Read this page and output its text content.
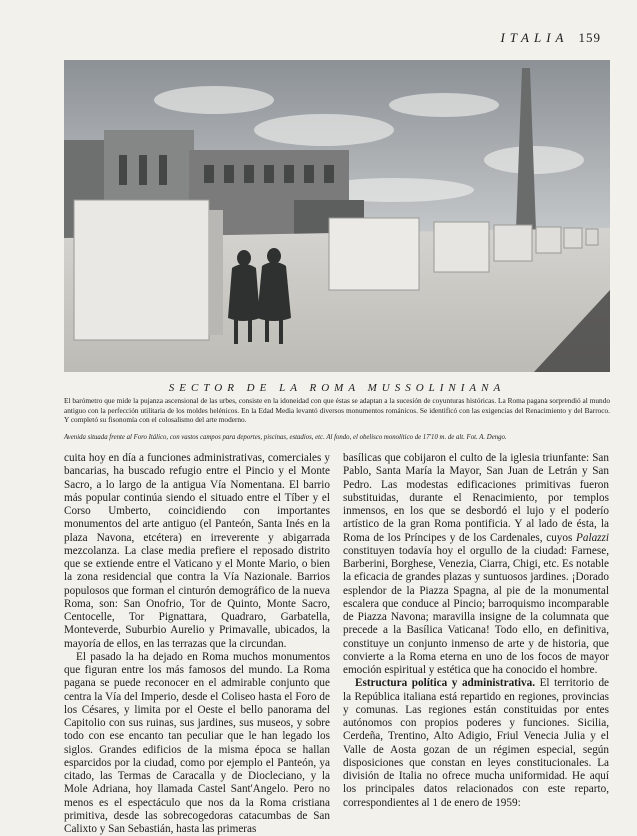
ITALIA 159
SECTOR DE LA ROMA MUSSOLINIANA
El barómetro que mide la pujanza ascensional de las urbes, consiste en la idoneidad con que éstas se adaptan a la sucesión de coyunturas históricas. La Roma pagana sorprendió al mundo antiguo con la perfección utilitaria de los moldes helénicos. En la Edad Media levantó diversos monumentos románicos. Se identificó con las exigencias del Renacimiento y del Barroco. Y completó su fisonomía con el colosalismo del arte moderno.
Avenida situada frente al Foro Itálico, con vastos campos para deportes, piscinas, estadios, etc. Al fondo, el obelisco monolítico de 17'10 m. de alt. Fot. A. Dengo.

cuita hoy en día a funciones administrativas, comerciales y bancarias, ha buscado refugio entre el Pincio y el Monte Sacro, a lo largo de la antigua Vía Nomentana. El barrio más popular continúa siendo el situado entre el Tíber y el Corso Umberto, coincidiendo con importantes monumentos del arte antiguo (el Panteón, Santa Inés en la plaza Navona, etcétera) en irreverente y abigarrada mezcolanza. La clase media prefiere el reposado distrito que se extiende entre el Vaticano y el Monte Mario, o bien la zona residencial que contra la Vía Nazionale. Barrios populosos que forman el cinturón demográfico de la nueva Roma, son: San Onofrio, Tor de Quinto, Monte Sacro, Centocelle, Tor Pignattara, Quadraro, Garbatella, Monteverde, Suburbio Aurelio y Primavalle, ubicados, la mayoría de ellos, en las terrazas que la circundan.

El pasado la ha dejado en Roma muchos monumentos que figuran entre los más famosos del mundo. La Roma pagana se puede reconocer en el admirable conjunto que centra la Vía del Imperio, desde el Coliseo hasta el Foro de los Césares, y limita por el Oeste el bello panorama del Capitolio con sus ruinas, sus jardines, sus museos, y sobre todo con ese encanto tan peculiar que le han legado los siglos. Grandes edificios de la misma época se hallan esparcidos por la ciudad, como por ejemplo el Panteón, ya citado, las Termas de Caracalla y de Diocleciano, y la Mole Adriana, hoy llamada Castel Sant'Angelo. Pero no menos es el espectáculo que nos da la Roma cristiana primitiva, desde las sobrecogedoras catacumbas de San Calixto y San Sebastián, hasta las primeras

basílicas que cobijaron el culto de la iglesia triunfante: San Pablo, Santa María la Mayor, San Juan de Letrán y San Pedro. Las modestas edificaciones primitivas fueron substituidas, durante el Renacimiento, por templos inmensos, en los que se desbordó el lujo y el poderío artístico de la gran Roma pontificia. Y al lado de ésta, la Roma de los Príncipes y de los Cardenales, cuyos Palazzi constituyen todavía hoy el orgullo de la ciudad: Farnese, Barberini, Borghese, Venezia, Ciarra, Chigi, etc. Es notable la eficacia de grandes plazas y suntuosos jardines. ¡Dorado esplendor de la Piazza Spagna, al pie de la monumental escalera que conduce al Pincio; barroquismo incomparable de Piazza Navona; maravilla insigne de la columnata que precede a la Basílica Vaticana! Todo ello, en definitiva, constituye un conjunto inmenso de arte y de historia, que convierte a la Roma eterna en uno de los focos de mayor emoción espiritual y estética que ha conocido el hombre.

Estructura política y administrativa. El territorio de la República italiana está repartido en regiones, provincias y comunas. Las regiones están constituidas por entes autónomos con propios poderes y funciones. Sicilia, Cerdeña, Trentino, Alto Adigio, Friul Venecia Julia y el Valle de Aosta gozan de un régimen especial, según disposiciones que constan en leyes constitucionales. La división de Italia no ofrece mucha uniformidad. He aquí los principales datos relacionados con este reparto, correspondientes al 1 de enero de 1959:
